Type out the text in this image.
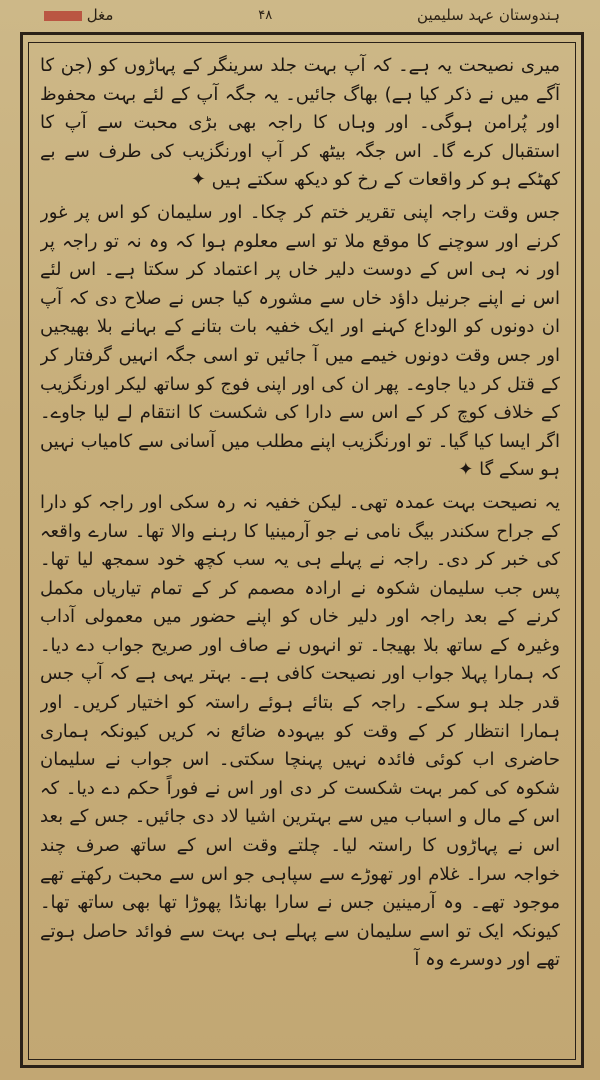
ہندوستان عہد سلیمین
۴۸
مغل

میری نصیحت یہ ہے۔ کہ آپ بہت جلد سرینگر کے پہاڑوں کو (جن کا آگے میں نے ذکر کیا ہے) بھاگ جائیں۔ یہ جگہ آپ کے لئے بہت محفوظ اور پُرامن ہوگی۔ اور وہاں کا راجہ بھی بڑی محبت سے آپ کا استقبال کرے گا۔ اس جگہ بیٹھ کر آپ اورنگزیب کی طرف سے بے کھٹکے ہو کر واقعات کے رخ کو دیکھ سکتے ہیں ✦

جس وقت راجہ اپنی تقریر ختم کر چکا۔ اور سلیمان کو اس پر غور کرنے اور سوچنے کا موقع ملا تو اسے معلوم ہوا کہ وہ نہ تو راجہ پر اور نہ ہی اس کے دوست دلیر خاں پر اعتماد کر سکتا ہے۔ اس لئے اس نے اپنے جرنیل داؤد خاں سے مشورہ کیا جس نے صلاح دی کہ آپ ان دونوں کو الوداع کہنے اور ایک خفیہ بات بتانے کے بہانے بلا بھیجیں اور جس وقت دونوں خیمے میں آ جائیں تو اسی جگہ انہیں گرفتار کر کے قتل کر دیا جاوے۔ پھر ان کی اور اپنی فوج کو ساتھ لیکر اورنگزیب کے خلاف کوچ کر کے اس سے دارا کی شکست کا انتقام لے لیا جاوے۔ اگر ایسا کیا گیا۔ تو اورنگزیب اپنے مطلب میں آسانی سے کامیاب نہیں ہو سکے گا ✦

یہ نصیحت بہت عمدہ تھی۔ لیکن خفیہ نہ رہ سکی اور راجہ کو دارا کے جراح سکندر بیگ نامی نے جو آرمینیا کا رہنے والا تھا۔ سارے واقعہ کی خبر کر دی۔ راجہ نے پہلے ہی یہ سب کچھ خود سمجھ لیا تھا۔ پس جب سلیمان شکوہ نے ارادہ مصمم کر کے تمام تیاریاں مکمل کرنے کے بعد راجہ اور دلیر خاں کو اپنے حضور میں معمولی آداب وغیرہ کے ساتھ بلا بھیجا۔ تو انہوں نے صاف اور صریح جواب دے دیا۔ کہ ہمارا پہلا جواب اور نصیحت کافی ہے۔ بہتر یہی ہے کہ آپ جس قدر جلد ہو سکے۔ راجہ کے بتائے ہوئے راستہ کو اختیار کریں۔ اور ہمارا انتظار کر کے وقت کو بیہودہ ضائع نہ کریں کیونکہ ہماری حاضری اب کوئی فائدہ نہیں پہنچا سکتی۔ اس جواب نے سلیمان شکوہ کی کمر بہت شکست کر دی اور اس نے فوراً حکم دے دیا۔ کہ اس کے مال و اسباب میں سے بہترین اشیا لاد دی جائیں۔ جس کے بعد اس نے پہاڑوں کا راستہ لیا۔ چلتے وقت اس کے ساتھ صرف چند خواجہ سرا۔ غلام اور تھوڑے سے سپاہی جو اس سے محبت رکھتے تھے موجود تھے۔ وہ آرمینین جس نے سارا بھانڈا پھوڑا تھا بھی ساتھ تھا۔ کیونکہ ایک تو اسے سلیمان سے پہلے ہی بہت سے فوائد حاصل ہوتے تھے اور دوسرے وہ آ
